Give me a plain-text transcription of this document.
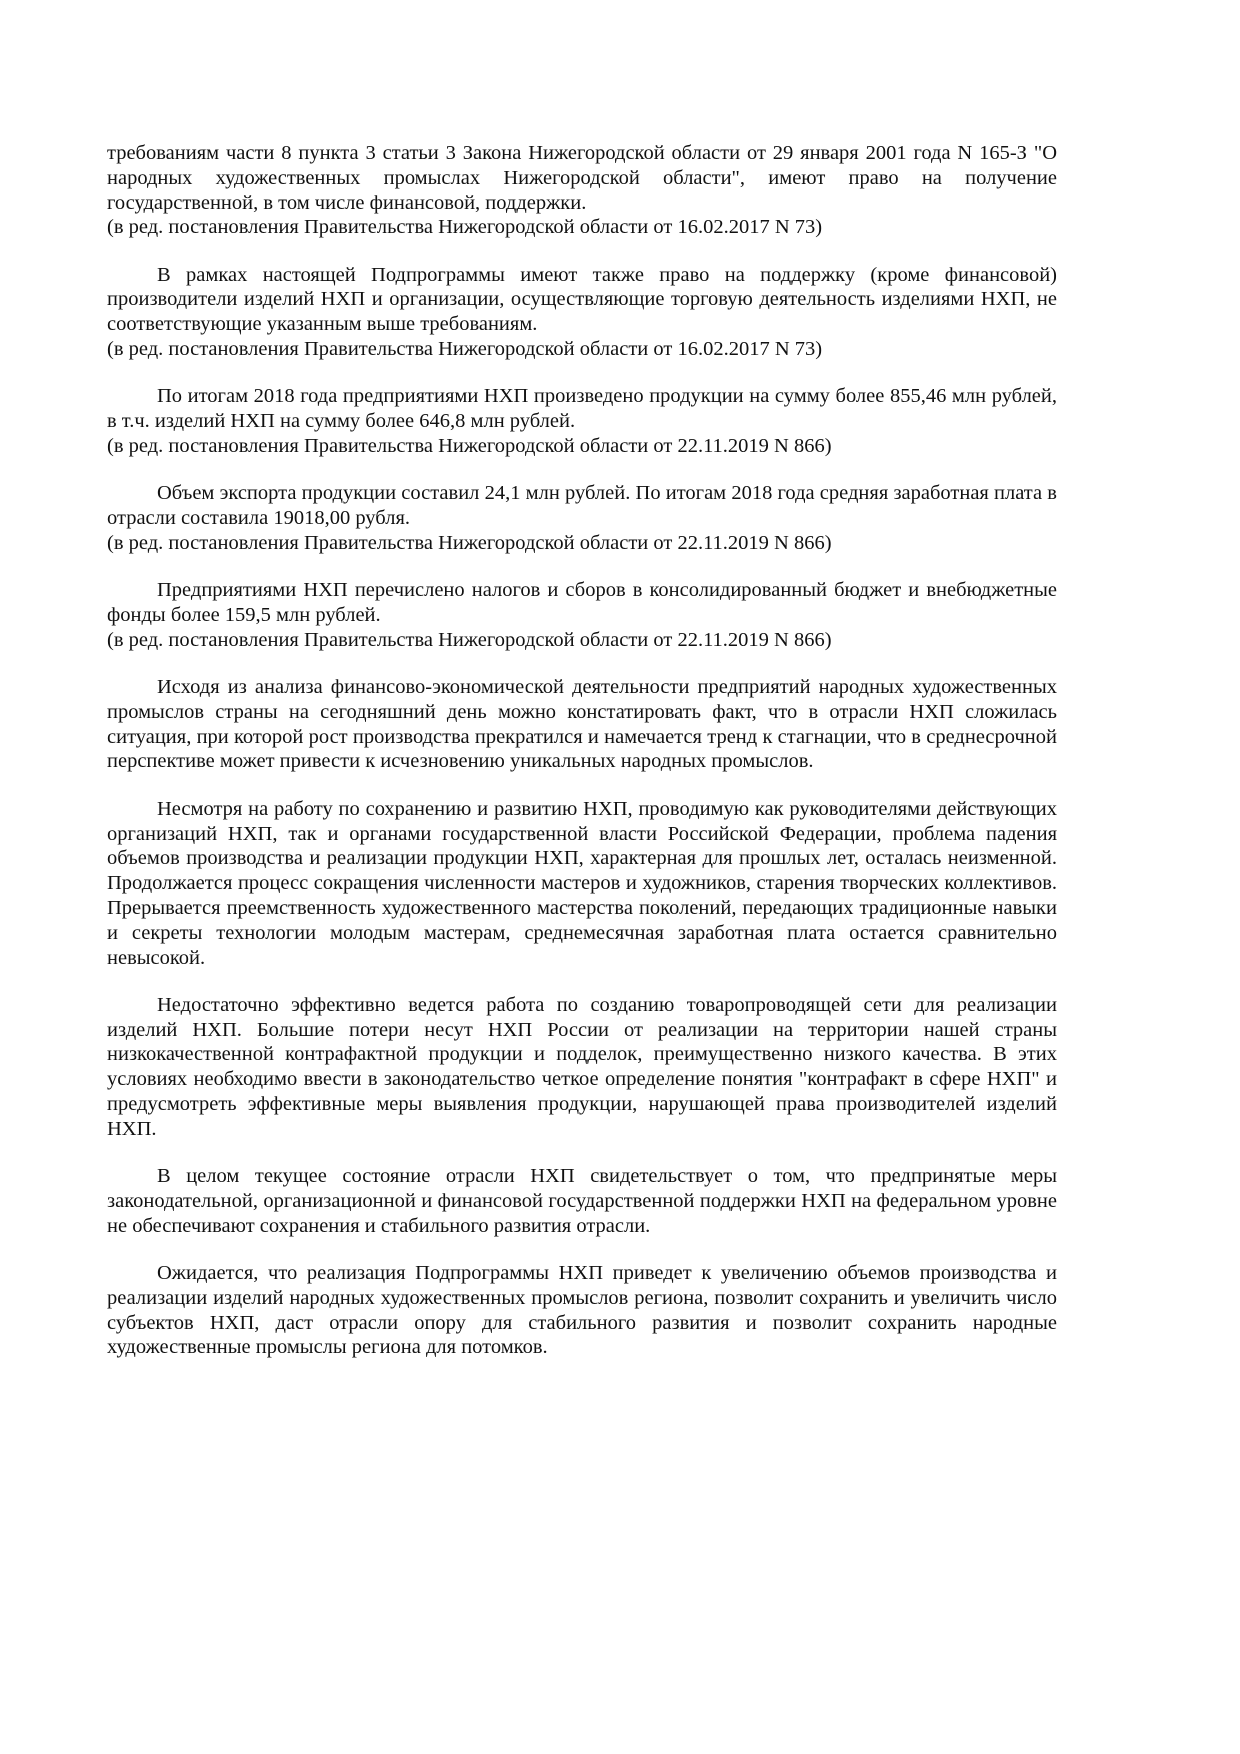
требованиям части 8 пункта 3 статьи 3 Закона Нижегородской области от 29 января 2001 года N 165-З "О народных художественных промыслах Нижегородской области", имеют право на получение государственной, в том числе финансовой, поддержки.

(в ред. постановления Правительства Нижегородской области от 16.02.2017 N 73)

В рамках настоящей Подпрограммы имеют также право на поддержку (кроме финансовой) производители изделий НХП и организации, осуществляющие торговую деятельность изделиями НХП, не соответствующие указанным выше требованиям.

(в ред. постановления Правительства Нижегородской области от 16.02.2017 N 73)

По итогам 2018 года предприятиями НХП произведено продукции на сумму более 855,46 млн рублей, в т.ч. изделий НХП на сумму более 646,8 млн рублей.

(в ред. постановления Правительства Нижегородской области от 22.11.2019 N 866)

Объем экспорта продукции составил 24,1 млн рублей. По итогам 2018 года средняя заработная плата в отрасли составила 19018,00 рубля.

(в ред. постановления Правительства Нижегородской области от 22.11.2019 N 866)

Предприятиями НХП перечислено налогов и сборов в консолидированный бюджет и внебюджетные фонды более 159,5 млн рублей.

(в ред. постановления Правительства Нижегородской области от 22.11.2019 N 866)

Исходя из анализа финансово-экономической деятельности предприятий народных художественных промыслов страны на сегодняшний день можно констатировать факт, что в отрасли НХП сложилась ситуация, при которой рост производства прекратился и намечается тренд к стагнации, что в среднесрочной перспективе может привести к исчезновению уникальных народных промыслов.

Несмотря на работу по сохранению и развитию НХП, проводимую как руководителями действующих организаций НХП, так и органами государственной власти Российской Федерации, проблема падения объемов производства и реализации продукции НХП, характерная для прошлых лет, осталась неизменной. Продолжается процесс сокращения численности мастеров и художников, старения творческих коллективов. Прерывается преемственность художественного мастерства поколений, передающих традиционные навыки и секреты технологии молодым мастерам, среднемесячная заработная плата остается сравнительно невысокой.

Недостаточно эффективно ведется работа по созданию товаропроводящей сети для реализации изделий НХП. Большие потери несут НХП России от реализации на территории нашей страны низкокачественной контрафактной продукции и подделок, преимущественно низкого качества. В этих условиях необходимо ввести в законодательство четкое определение понятия "контрафакт в сфере НХП" и предусмотреть эффективные меры выявления продукции, нарушающей права производителей изделий НХП.

В целом текущее состояние отрасли НХП свидетельствует о том, что предпринятые меры законодательной, организационной и финансовой государственной поддержки НХП на федеральном уровне не обеспечивают сохранения и стабильного развития отрасли.

Ожидается, что реализация Подпрограммы НХП приведет к увеличению объемов производства и реализации изделий народных художественных промыслов региона, позволит сохранить и увеличить число субъектов НХП, даст отрасли опору для стабильного развития и позволит сохранить народные художественные промыслы региона для потомков.
